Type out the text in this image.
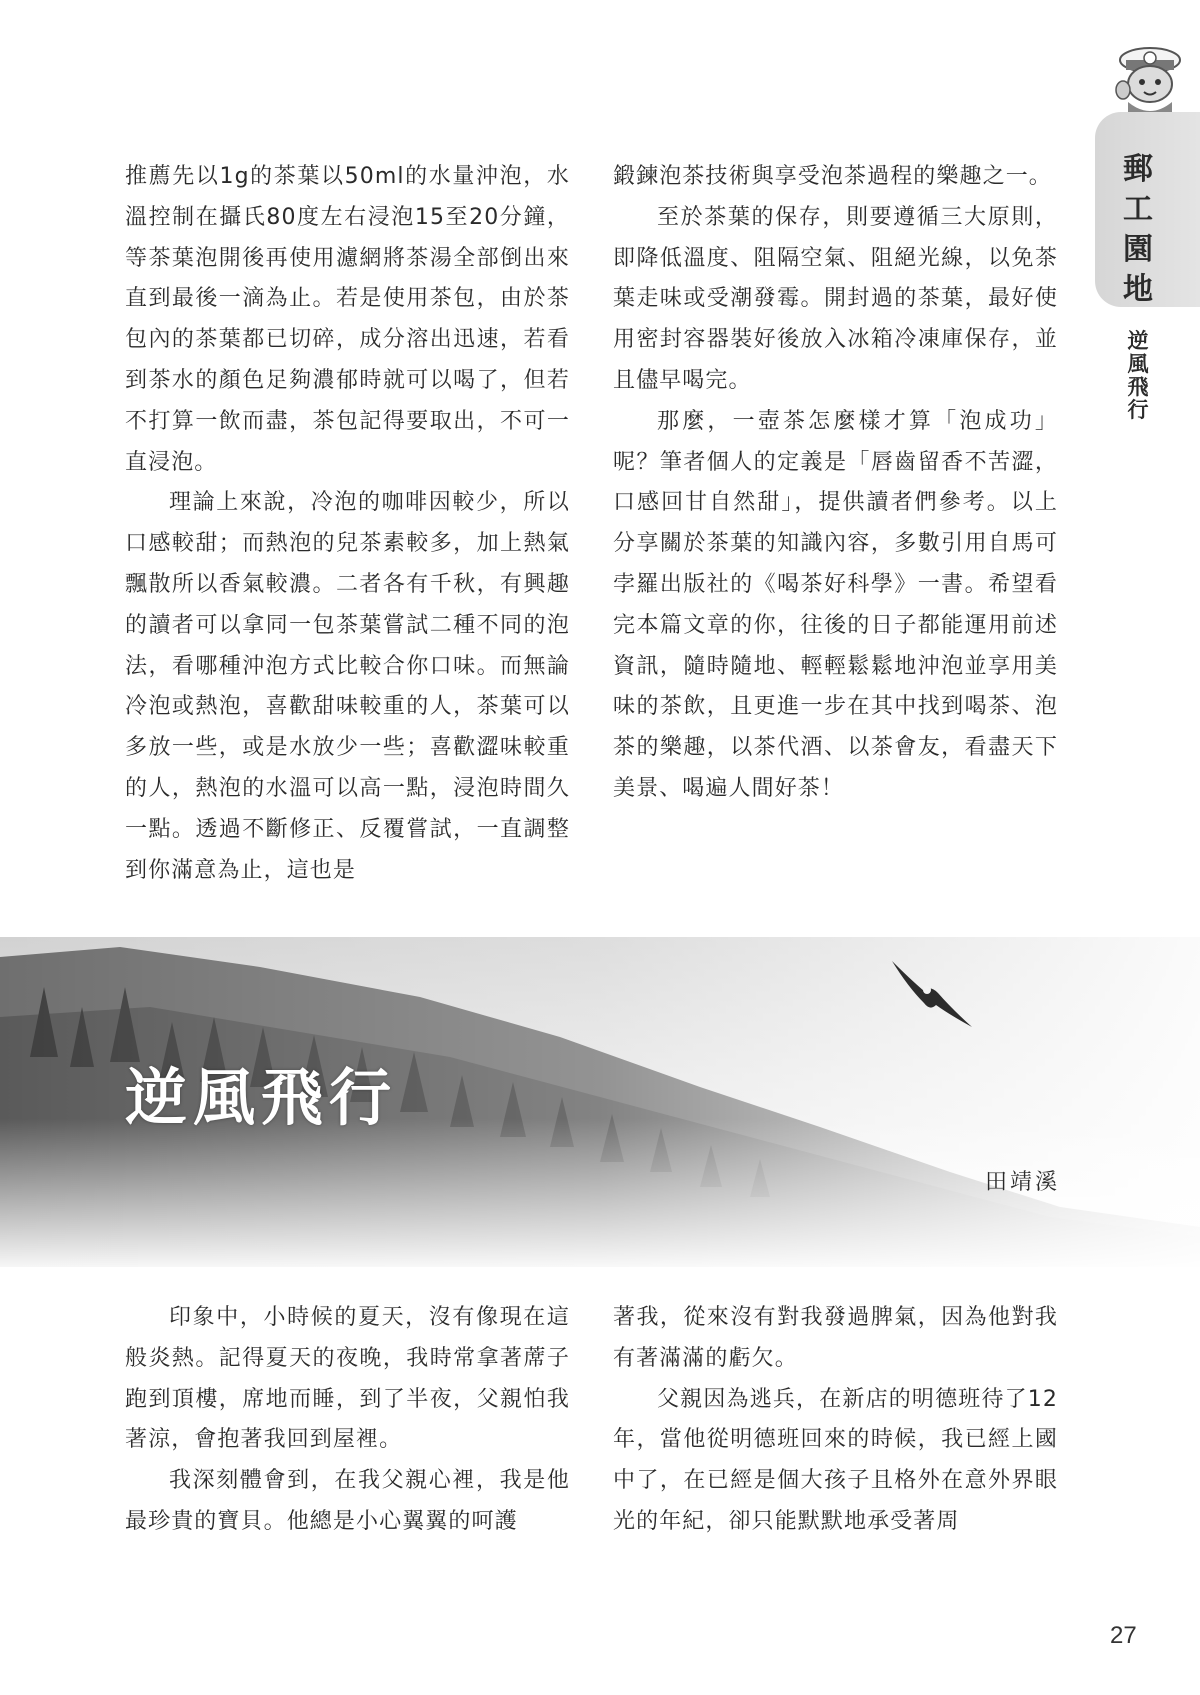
郵工園地
逆風飛行

推薦先以1g的茶葉以50ml的水量沖泡，水溫控制在攝氏80度左右浸泡15至20分鐘，等茶葉泡開後再使用濾網將茶湯全部倒出來直到最後一滴為止。若是使用茶包，由於茶包內的茶葉都已切碎，成分溶出迅速，若看到茶水的顏色足夠濃郁時就可以喝了，但若不打算一飲而盡，茶包記得要取出，不可一直浸泡。

理論上來說，冷泡的咖啡因較少，所以口感較甜；而熱泡的兒茶素較多，加上熱氣飄散所以香氣較濃。二者各有千秋，有興趣的讀者可以拿同一包茶葉嘗試二種不同的泡法，看哪種沖泡方式比較合你口味。而無論冷泡或熱泡，喜歡甜味較重的人，茶葉可以多放一些，或是水放少一些；喜歡澀味較重的人，熱泡的水溫可以高一點，浸泡時間久一點。透過不斷修正、反覆嘗試，一直調整到你滿意為止，這也是

鍛鍊泡茶技術與享受泡茶過程的樂趣之一。

至於茶葉的保存，則要遵循三大原則，即降低溫度、阻隔空氣、阻絕光線，以免茶葉走味或受潮發霉。開封過的茶葉，最好使用密封容器裝好後放入冰箱冷凍庫保存，並且儘早喝完。

那麼，一壺茶怎麼樣才算「泡成功」呢？筆者個人的定義是「唇齒留香不苦澀，口感回甘自然甜」，提供讀者們參考。以上分享關於茶葉的知識內容，多數引用自馬可孛羅出版社的《喝茶好科學》一書。希望看完本篇文章的你，往後的日子都能運用前述資訊，隨時隨地、輕輕鬆鬆地沖泡並享用美味的茶飲，且更進一步在其中找到喝茶、泡茶的樂趣，以茶代酒、以茶會友，看盡天下美景、喝遍人間好茶！

逆風飛行
田靖溪

印象中，小時候的夏天，沒有像現在這般炎熱。記得夏天的夜晚，我時常拿著蓆子跑到頂樓，席地而睡，到了半夜，父親怕我著涼，會抱著我回到屋裡。

我深刻體會到，在我父親心裡，我是他最珍貴的寶貝。他總是小心翼翼的呵護

著我，從來沒有對我發過脾氣，因為他對我有著滿滿的虧欠。

父親因為逃兵，在新店的明德班待了12年，當他從明德班回來的時候，我已經上國中了，在已經是個大孩子且格外在意外界眼光的年紀，卻只能默默地承受著周

27
